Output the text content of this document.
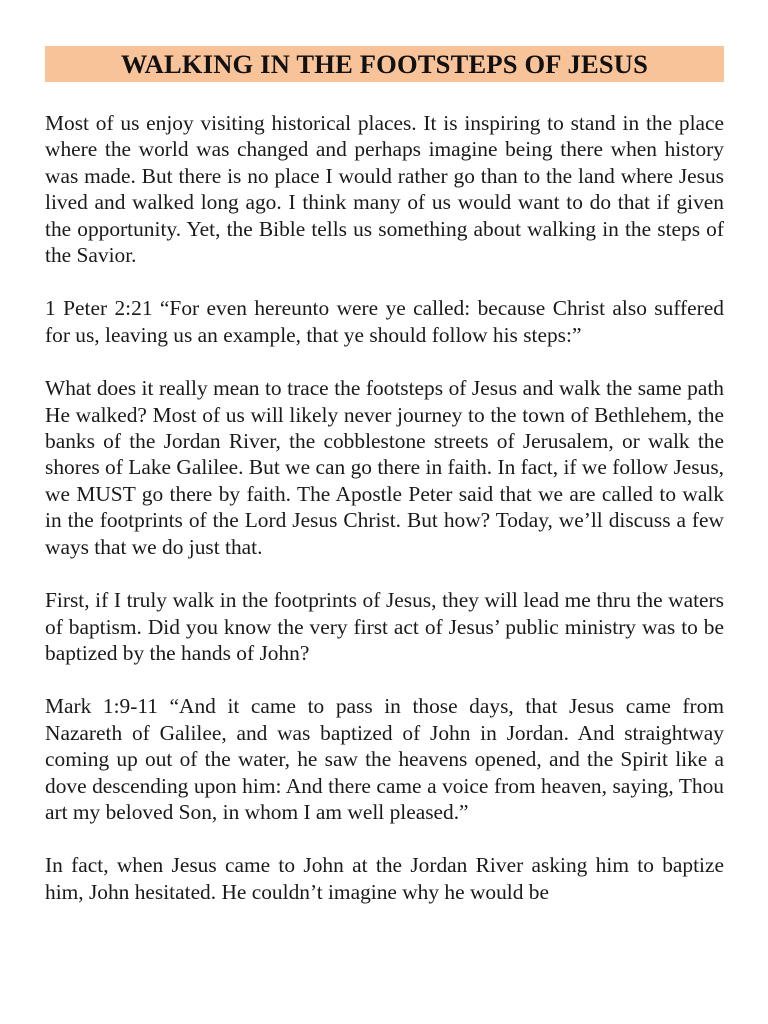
WALKING IN THE FOOTSTEPS OF JESUS

Most of us enjoy visiting historical places. It is inspiring to stand in the place where the world was changed and perhaps imagine being there when history was made. But there is no place I would rather go than to the land where Jesus lived and walked long ago. I think many of us would want to do that if given the opportunity. Yet, the Bible tells us something about walking in the steps of the Savior.

1 Peter 2:21 “For even hereunto were ye called: because Christ also suffered for us, leaving us an example, that ye should follow his steps:”

What does it really mean to trace the footsteps of Jesus and walk the same path He walked? Most of us will likely never journey to the town of Bethlehem, the banks of the Jordan River, the cobblestone streets of Jerusalem, or walk the shores of Lake Galilee. But we can go there in faith. In fact, if we follow Jesus, we MUST go there by faith. The Apostle Peter said that we are called to walk in the footprints of the Lord Jesus Christ. But how? Today, we’ll discuss a few ways that we do just that.

First, if I truly walk in the footprints of Jesus, they will lead me thru the waters of baptism. Did you know the very first act of Jesus’ public ministry was to be baptized by the hands of John?

Mark 1:9-11 “And it came to pass in those days, that Jesus came from Nazareth of Galilee, and was baptized of John in Jordan. And straightway coming up out of the water, he saw the heavens opened, and the Spirit like a dove descending upon him: And there came a voice from heaven, saying, Thou art my beloved Son, in whom I am well pleased.”

In fact, when Jesus came to John at the Jordan River asking him to baptize him, John hesitated. He couldn’t imagine why he would be
